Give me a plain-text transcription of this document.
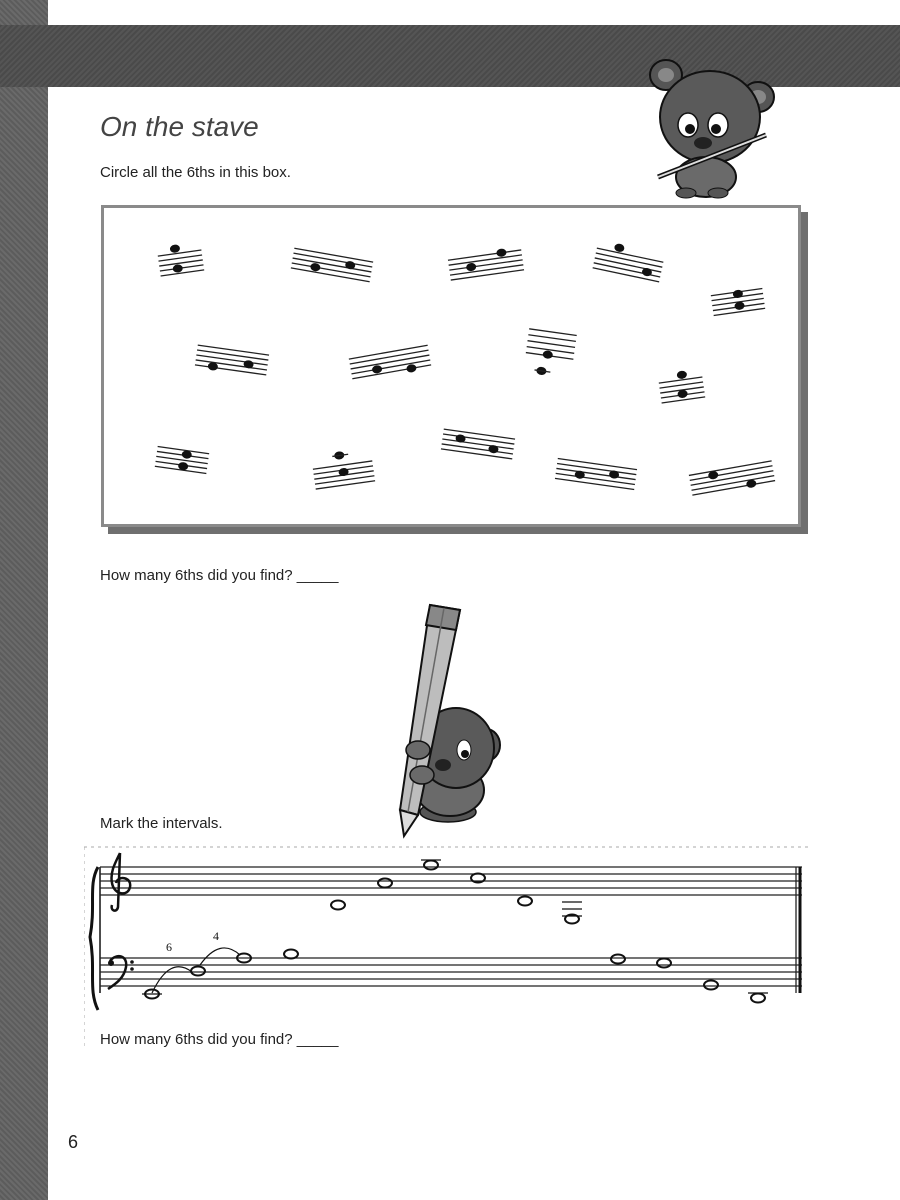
On the stave
Circle all the 6ths in this box.
How many 6ths did you find? _____
Mark the intervals.
6
4
How many 6ths did you find? _____
6
